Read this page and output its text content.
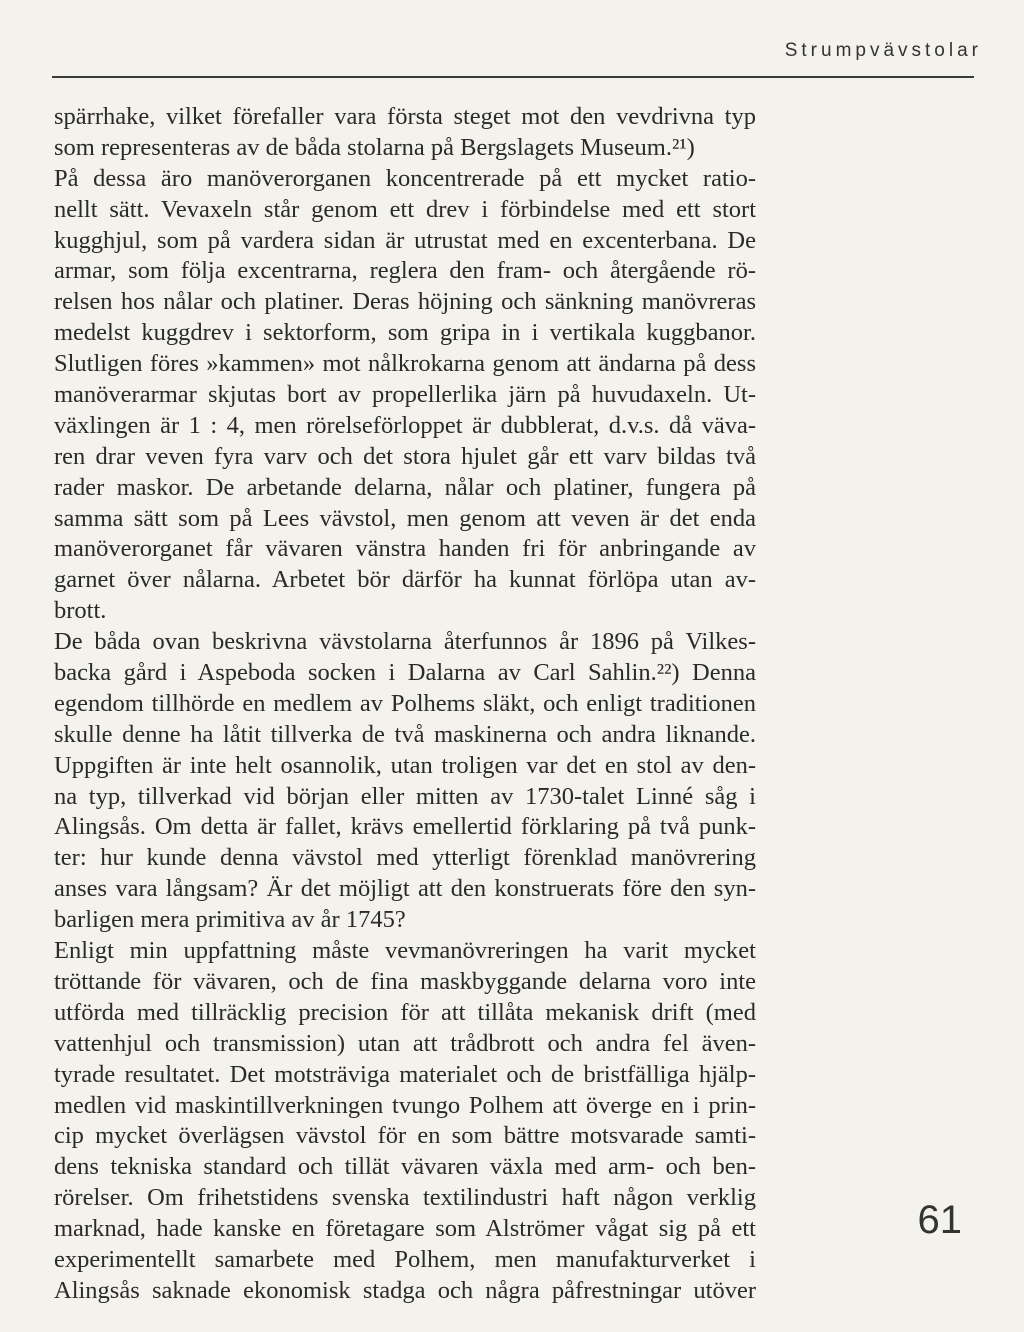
Strumpvävstolar
spärrhake, vilket förefaller vara första steget mot den vevdrivna typ
som representeras av de båda stolarna på Bergslagets Museum.²¹)
På dessa äro manöverorganen koncentrerade på ett mycket ratio-
nellt sätt. Vevaxeln står genom ett drev i förbindelse med ett stort
kugghjul, som på vardera sidan är utrustat med en excenterbana. De
armar, som följa excentrarna, reglera den fram- och återgående rö-
relsen hos nålar och platiner. Deras höjning och sänkning manövreras
medelst kuggdrev i sektorform, som gripa in i vertikala kuggbanor.
Slutligen föres »kammen» mot nålkrokarna genom att ändarna på dess
manöverarmar skjutas bort av propellerlika järn på huvudaxeln. Ut-
växlingen är 1 : 4, men rörelseförloppet är dubblerat, d.v.s. då väva-
ren drar veven fyra varv och det stora hjulet går ett varv bildas två
rader maskor. De arbetande delarna, nålar och platiner, fungera på
samma sätt som på Lees vävstol, men genom att veven är det enda
manöverorganet får vävaren vänstra handen fri för anbringande av
garnet över nålarna. Arbetet bör därför ha kunnat förlöpa utan av-
brott.
De båda ovan beskrivna vävstolarna återfunnos år 1896 på Vilkes-
backa gård i Aspeboda socken i Dalarna av Carl Sahlin.²²) Denna
egendom tillhörde en medlem av Polhems släkt, och enligt traditionen
skulle denne ha låtit tillverka de två maskinerna och andra liknande.
Uppgiften är inte helt osannolik, utan troligen var det en stol av den-
na typ, tillverkad vid början eller mitten av 1730-talet Linné såg i
Alingsås. Om detta är fallet, krävs emellertid förklaring på två punk-
ter: hur kunde denna vävstol med ytterligt förenklad manövrering
anses vara långsam? Är det möjligt att den konstruerats före den syn-
barligen mera primitiva av år 1745?
Enligt min uppfattning måste vevmanövreringen ha varit mycket
tröttande för vävaren, och de fina maskbyggande delarna voro inte
utförda med tillräcklig precision för att tillåta mekanisk drift (med
vattenhjul och transmission) utan att trådbrott och andra fel även-
tyrade resultatet. Det motsträviga materialet och de bristfälliga hjälp-
medlen vid maskintillverkningen tvungo Polhem att överge en i prin-
cip mycket överlägsen vävstol för en som bättre motsvarade samti-
dens tekniska standard och tillät vävaren växla med arm- och ben-
rörelser. Om frihetstidens svenska textilindustri haft någon verklig
marknad, hade kanske en företagare som Alströmer vågat sig på ett
experimentellt samarbete med Polhem, men manufakturverket i
Alingsås saknade ekonomisk stadga och några påfrestningar utöver
61
